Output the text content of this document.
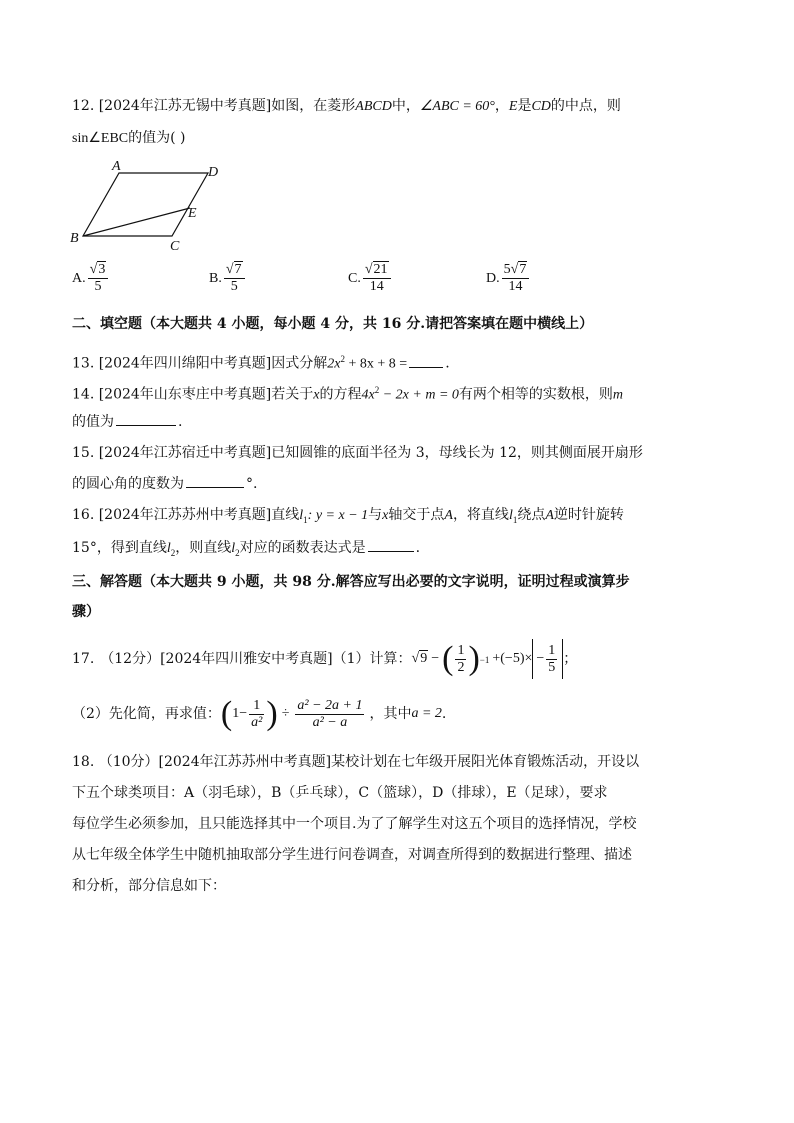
12. [2024年江苏无锡中考真题]如图，在菱形ABCD中，∠ABC = 60°，E是CD的中点，则
sin∠EBC的值为( )
A	D
E
B
C
A. $\frac{√3}{5}$	B. $\frac{√7}{5}$	C. $\frac{√21}{14}$	D. $\frac{5√7}{14}$
二、填空题（本大题共 4 小题，每小题 4 分，共 16 分.请把答案填在题中横线上）
13. [2024年四川绵阳中考真题]因式分解$2x^2 + 8x + 8$ =	.
14. [2024年山东枣庄中考真题]若关于x的方程$4x^2 - 2x + m = 0$有两个相等的实数根，则m
的值为	.
15. [2024年江苏宿迁中考真题]已知圆锥的底面半径为 3，母线长为 12，则其侧面展开扇形
的圆心角的度数为	°.
16. [2024年江苏苏州中考真题]直线$l_1$: y = x − 1与x轴交于点A，将直线$l_1$绕点A逆时针旋转
15°，得到直线$l_2$，则直线$l_2$对应的函数表达式是	.
三、解答题（本大题共 9 小题，共 98 分.解答应写出必要的文字说明，证明过程或演算步
骤）
17. （12分）[2024年四川雅安中考真题]（1）计算： √9 − ( $\frac{1}{2}$ ) $-1 +(-5)\times - \frac{1}{5}$ ；
（2）先化简，再求值： ( $1- \frac{1}{\text{a²}}$ ) ÷ $\frac{\text{a² − 2a + 1}}{\text{a² − a}}$ ，其中 a = 2 .
18. （10分）[2024年江苏苏州中考真题]某校计划在七年级开展阳光体育锻炼活动，开设以
下五个球类项目：A（羽毛球），B（乒乓球），C（篮球），D（排球），E（足球），要求
每位学生必须参加，且只能选择其中一个项目.为了了解学生对这五个项目的选择情况，学校
从七年级全体学生中随机抽取部分学生进行问卷调查，对调查所得到的数据进行整理、描述
和分析，部分信息如下：
